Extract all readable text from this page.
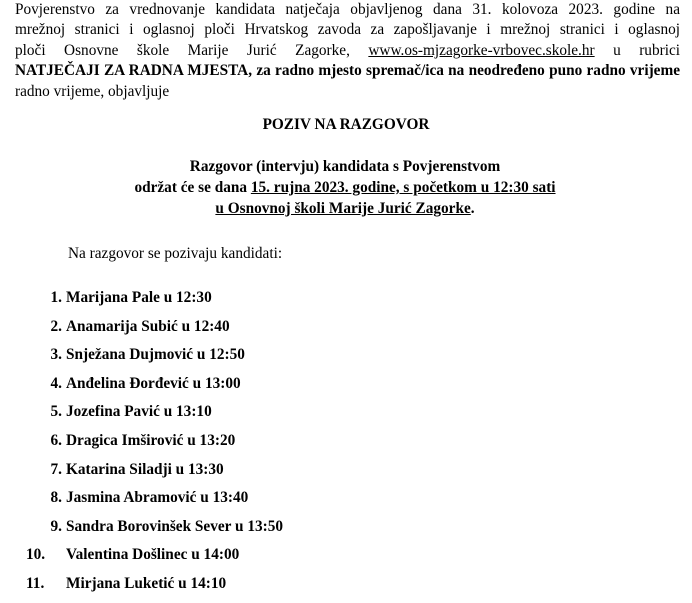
Povjerenstvo za vrednovanje kandidata natječaja objavljenog dana 31. kolovoza 2023. godine na
mrežnoj stranici i oglasnoj ploči Hrvatskog zavoda za zapošljavanje i mrežnoj stranici i oglasnoj
ploči Osnovne škole Marije Jurić Zagorke, www.os-mjzagorke-vrbovec.skole.hr u rubrici
NATJEČAJI ZA RADNA MJESTA, za radno mjesto spremač/ica na neodređeno puno radno vrijeme
radno vrijeme, objavljuje
POZIV NA RAZGOVOR
Razgovor (intervju) kandidata s Povjerenstvom
održat će se dana 15. rujna 2023. godine, s početkom u 12:30 sati
u Osnovnoj školi Marije Jurić Zagorke.
Na razgovor se pozivaju kandidati:
1. Marijana Pale u 12:30
2. Anamarija Subić u 12:40
3. Snježana Dujmović u 12:50
4. Anđelina Đorđević u 13:00
5. Jozefina Pavić u 13:10
6. Dragica Imširović u 13:20
7. Katarina Siladji u 13:30
8. Jasmina Abramović u 13:40
9. Sandra Borovinšek Sever u 13:50
10.	Valentina Došlinec u 14:00
11.	Mirjana Luketić u 14:10
